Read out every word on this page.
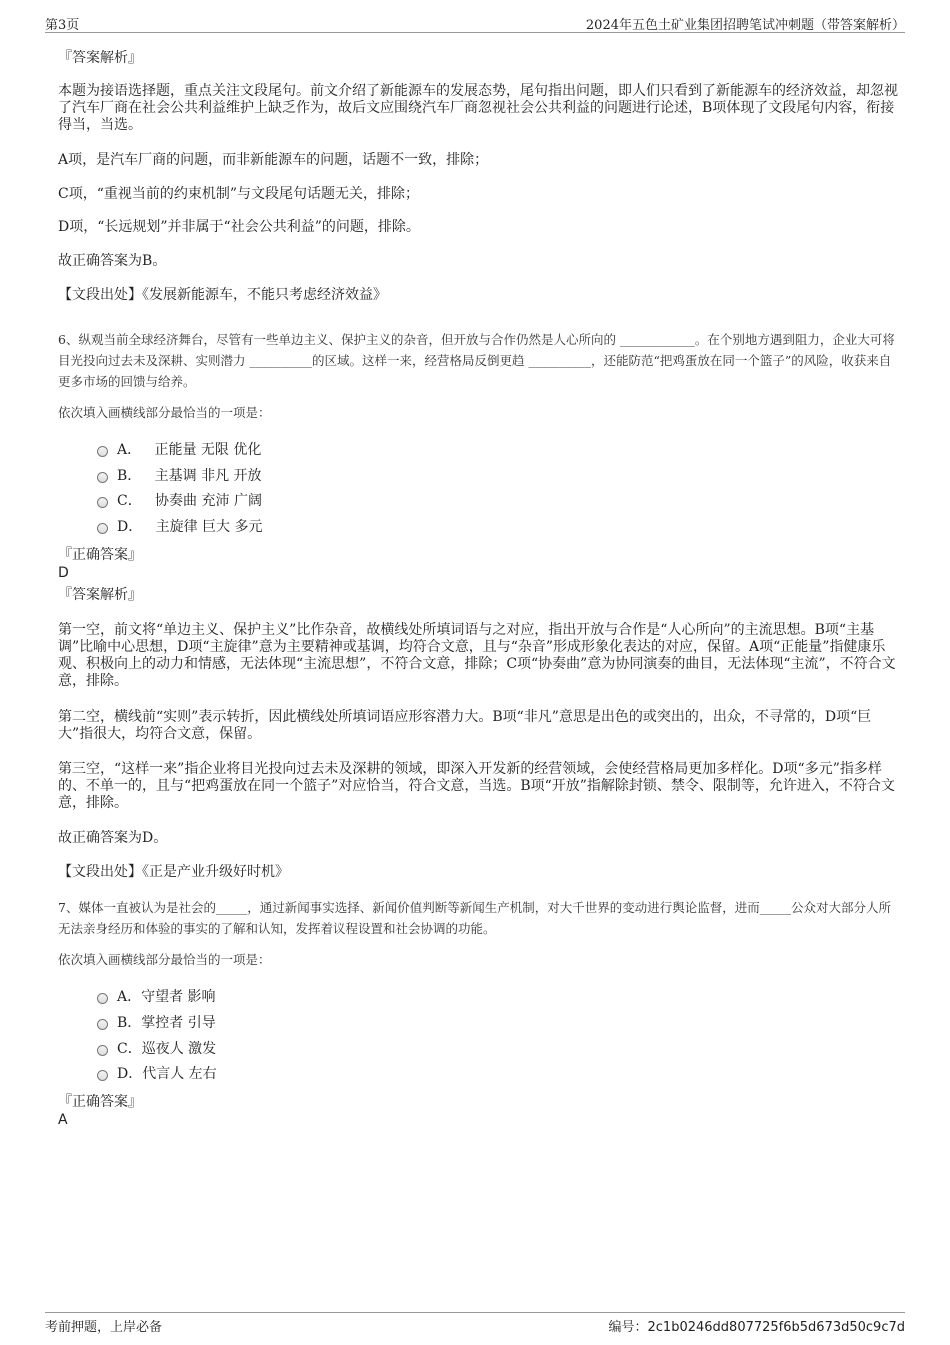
第3页	2024年五色土矿业集团招聘笔试冲刺题（带答案解析）

『答案解析』

本题为接语选择题，重点关注文段尾句。前文介绍了新能源车的发展态势，尾句指出问题，即人们只看到了新能源车的经济效益，却忽视了汽车厂商在社会公共利益维护上缺乏作为，故后文应围绕汽车厂商忽视社会公共利益的问题进行论述，B项体现了文段尾句内容，衔接得当，当选。

A项，是汽车厂商的问题，而非新能源车的问题，话题不一致，排除；

C项，“重视当前的约束机制”与文段尾句话题无关，排除；

D项，“长远规划”并非属于“社会公共利益”的问题，排除。

故正确答案为B。

【文段出处】《发展新能源车，不能只考虑经济效益》

6、纵观当前全球经济舞台，尽管有一些单边主义、保护主义的杂音，但开放与合作仍然是人心所向的 ____________。在个别地方遇到阻力，企业大可将目光投向过去未及深耕、实则潜力 __________的区域。这样一来，经营格局反倒更趋 __________，还能防范“把鸡蛋放在同一个篮子”的风险，收获来自更多市场的回馈与给养。

依次填入画横线部分最恰当的一项是：

A．   正能量 无限 优化
B．   主基调 非凡 开放
C．   协奏曲 充沛 广阔
D．   主旋律 巨大 多元

『正确答案』

D

『答案解析』

第一空，前文将“单边主义、保护主义”比作杂音，故横线处所填词语与之对应，指出开放与合作是“人心所向”的主流思想。B项“主基调”比喻中心思想，D项“主旋律”意为主要精神或基调，均符合文意，且与“杂音”形成形象化表达的对应，保留。A项“正能量”指健康乐观、积极向上的动力和情感，无法体现“主流思想”，不符合文意，排除；C项“协奏曲”意为协同演奏的曲目，无法体现“主流”，不符合文意，排除。

第二空，横线前“实则”表示转折，因此横线处所填词语应形容潜力大。B项“非凡”意思是出色的或突出的，出众，不寻常的，D项“巨大”指很大，均符合文意，保留。

第三空，“这样一来”指企业将目光投向过去未及深耕的领域，即深入开发新的经营领域，会使经营格局更加多样化。D项“多元”指多样的、不单一的，且与“把鸡蛋放在同一个篮子”对应恰当，符合文意，当选。B项“开放”指解除封锁、禁令、限制等，允许进入，不符合文意，排除。

故正确答案为D。

【文段出处】《正是产业升级好时机》

7、媒体一直被认为是社会的_____，通过新闻事实选择、新闻价值判断等新闻生产机制，对大千世界的变动进行舆论监督，进而_____公众对大部分人所无法亲身经历和体验的事实的了解和认知，发挥着议程设置和社会协调的功能。

依次填入画横线部分最恰当的一项是：

A．守望者 影响
B．掌控者 引导
C．巡夜人 激发
D．代言人 左右

『正确答案』

A

考前押题，上岸必备	编号：2c1b0246dd807725f6b5d673d50c9c7d
